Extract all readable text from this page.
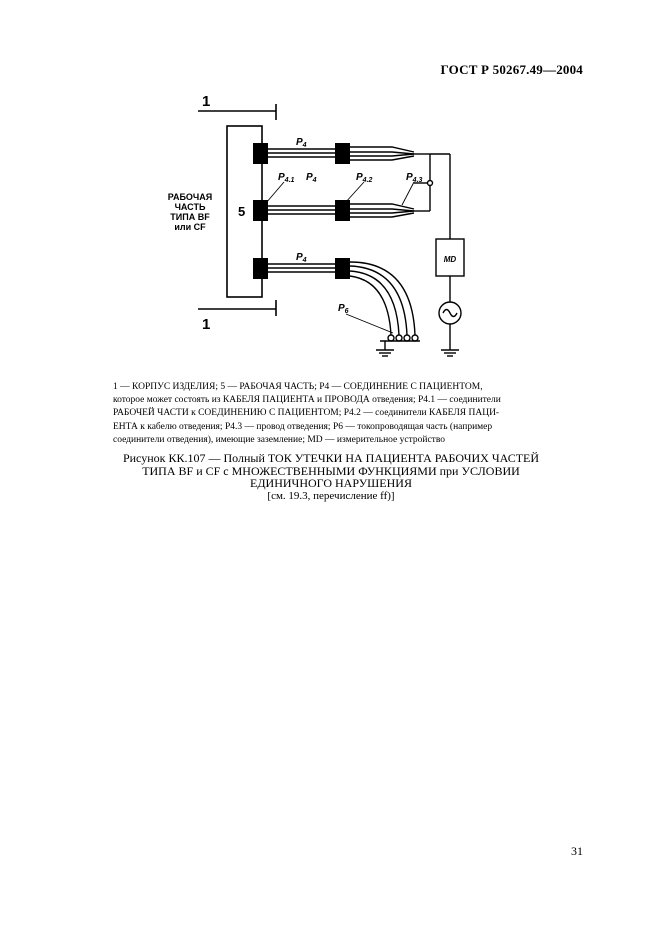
ГОСТ Р 50267.49—2004
1
1
РАБОЧАЯ
ЧАСТЬ
ТИПА BF
или CF
5
MD
$P_4$
$P_{4.1}$ $P_4$	$P_{4.2}$	$P_{4.3}$
$P_4$
$P_6$
1 — КОРПУС ИЗДЕЛИЯ; 5 — РАБОЧАЯ ЧАСТЬ; P4 — СОЕДИНЕНИЕ С ПАЦИЕНТОМ,
которое может состоять из КАБЕЛЯ ПАЦИЕНТА и ПРОВОДА отведения; P4.1 — соединители
РАБОЧЕЙ ЧАСТИ к СОЕДИНЕНИЮ С ПАЦИЕНТОМ; P4.2 — соединители КАБЕЛЯ ПАЦИ-
ЕНТА к кабелю отведения; P4.3 — провод отведения; P6 — токопроводящая часть (например
соединители отведения), имеющие заземление; MD — измерительное устройство
Рисунок КК.107 — Полный ТОК УТЕЧКИ НА ПАЦИЕНТА РАБОЧИХ ЧАСТЕЙ
ТИПА BF и CF с МНОЖЕСТВЕННЫМИ ФУНКЦИЯМИ при УСЛОВИИ
ЕДИНИЧНОГО НАРУШЕНИЯ
[см. 19.3, перечисление ff)]
31
